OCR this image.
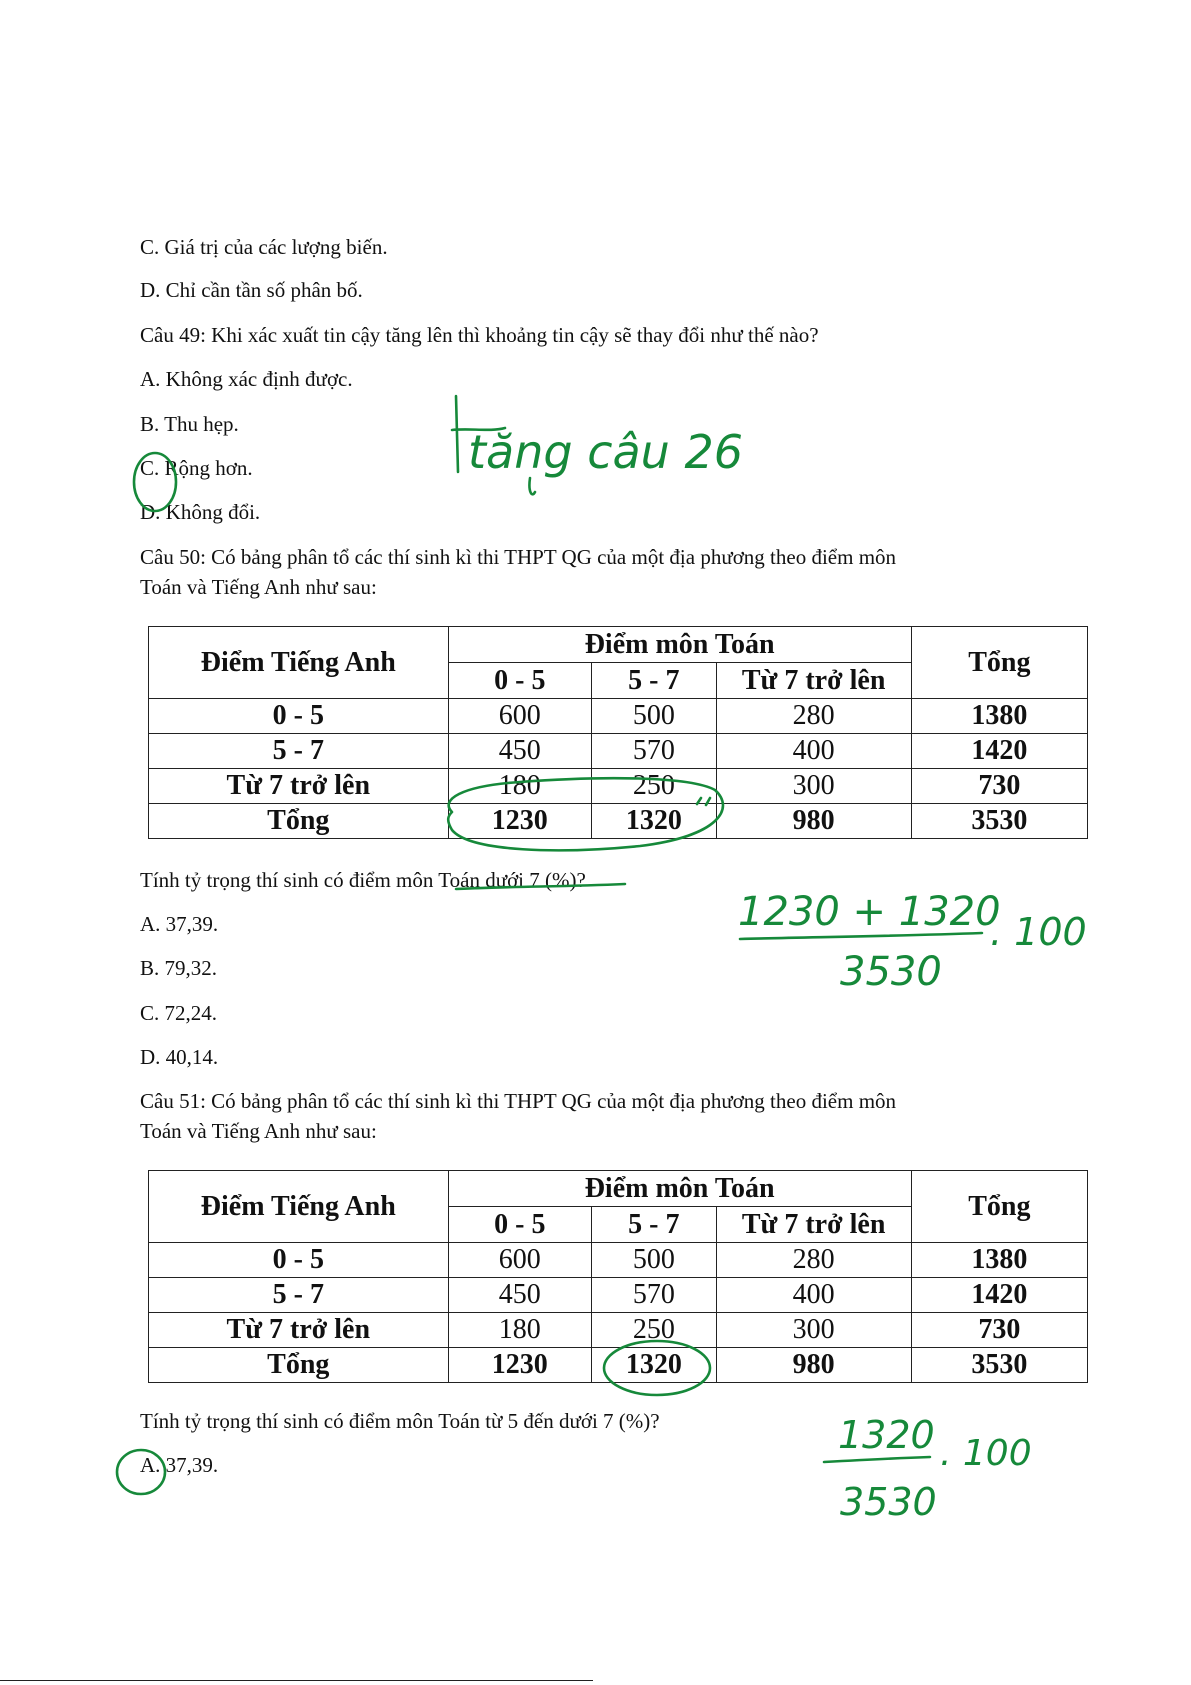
C. Giá trị của các lượng biến.
D. Chỉ cần tần số phân bố.
Câu 49: Khi xác xuất tin cậy tăng lên thì khoảng tin cậy sẽ thay đổi như thế nào?
A. Không xác định được.
B. Thu hẹp.
C. Rộng hơn.
D. Không đổi.
Câu 50: Có bảng phân tổ các thí sinh kì thi THPT QG của một địa phương theo điểm môn
Toán và Tiếng Anh như sau:
Điểm Tiếng Anh	Điểm môn Toán			Tổng
	0 - 5	5 - 7	Từ 7 trở lên	
0 - 5	600	500	280	1380
5 - 7	450	570	400	1420
Từ 7 trở lên	180	250	300	730
Tổng	1230	1320	980	3530
Tính tỷ trọng thí sinh có điểm môn Toán dưới 7 (%)?
A. 37,39.
B. 79,32.
C. 72,24.
D. 40,14.
Câu 51: Có bảng phân tổ các thí sinh kì thi THPT QG của một địa phương theo điểm môn
Toán và Tiếng Anh như sau:
Điểm Tiếng Anh	Điểm môn Toán			Tổng
	0 - 5	5 - 7	Từ 7 trở lên	
0 - 5	600	500	280	1380
5 - 7	450	570	400	1420
Từ 7 trở lên	180	250	300	730
Tổng	1230	1320	980	3530
Tính tỷ trọng thí sinh có điểm môn Toán từ 5 đến dưới 7 (%)?
A. 37,39.
tăng câu 26
1230 + 1320
3530
. 100
1320
3530
. 100
